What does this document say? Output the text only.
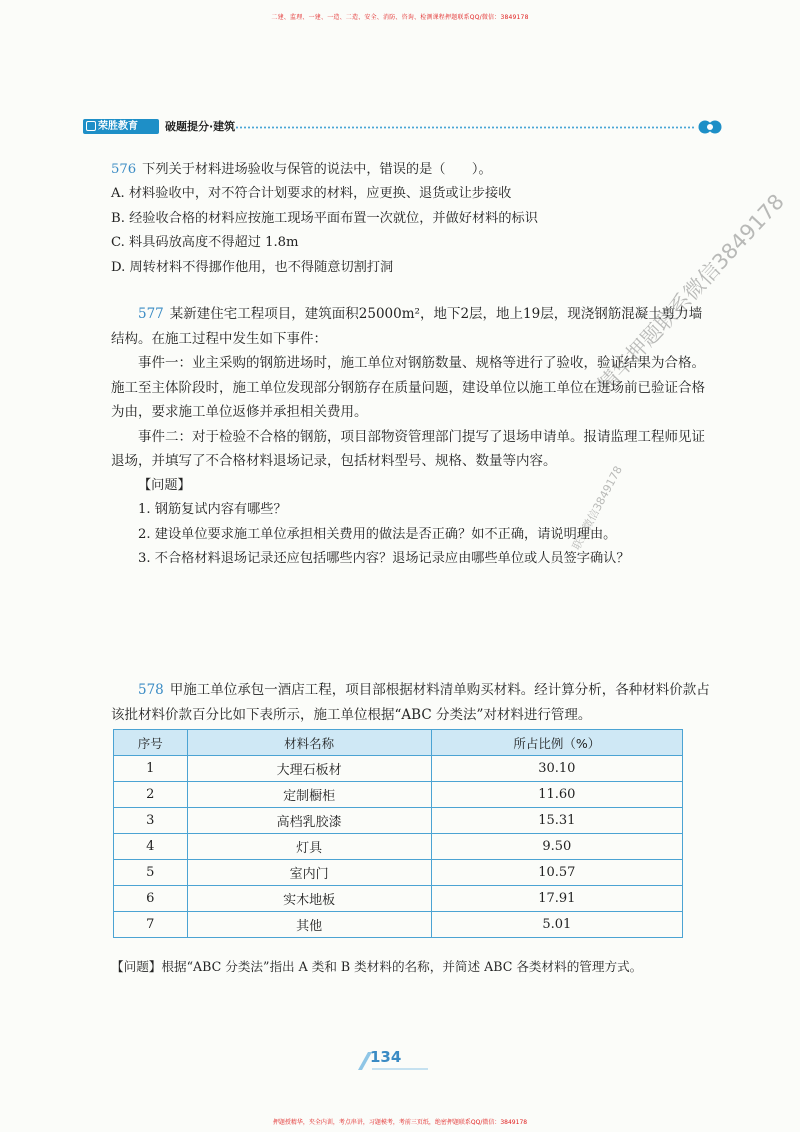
二建、监理、一建、一造、二造、安全、消防、咨询、检测课程押题联系QQ/微信：3849178
荣胜教育	破题提分·建筑
576 下列关于材料进场验收与保管的说法中，错误的是（　　）。
A. 材料验收中，对不符合计划要求的材料，应更换、退货或让步接收
B. 经验收合格的材料应按施工现场平面布置一次就位，并做好材料的标识
C. 料具码放高度不得超过 1.8m
D. 周转材料不得挪作他用，也不得随意切割打洞
577 某新建住宅工程项目，建筑面积25000m²，地下2层，地上19层，现浇钢筋混凝土剪力墙结构。在施工过程中发生如下事件：
事件一：业主采购的钢筋进场时，施工单位对钢筋数量、规格等进行了验收，验证结果为合格。施工至主体阶段时，施工单位发现部分钢筋存在质量问题，建设单位以施工单位在进场前已验证合格为由，要求施工单位返修并承担相关费用。
事件二：对于检验不合格的钢筋，项目部物资管理部门提写了退场申请单。报请监理工程师见证退场，并填写了不合格材料退场记录，包括材料型号、规格、数量等内容。
【问题】
1. 钢筋复试内容有哪些？
2. 建设单位要求施工单位承担相关费用的做法是否正确？如不正确，请说明理由。
3. 不合格材料退场记录还应包括哪些内容？退场记录应由哪些单位或人员签字确认？
578 甲施工单位承包一酒店工程，项目部根据材料清单购买材料。经计算分析，各种材料价款占该批材料价款百分比如下表所示，施工单位根据“ABC 分类法”对材料进行管理。
序号	材料名称	所占比例（%）
1	大理石板材	30.10
2	定制橱柜	11.60
3	高档乳胶漆	15.31
4	灯具	9.50
5	室内门	10.57
6	实木地板	17.91
7	其他	5.01
【问题】根据“ABC 分类法”指出 A 类和 B 类材料的名称，并简述 ABC 各类材料的管理方式。
134
精华押题联系微信3849178
联系微信3849178
押题授精华，夹全内训，考点串讲，习题模考，考前三页纸，绝密押题联系QQ/微信：3849178
